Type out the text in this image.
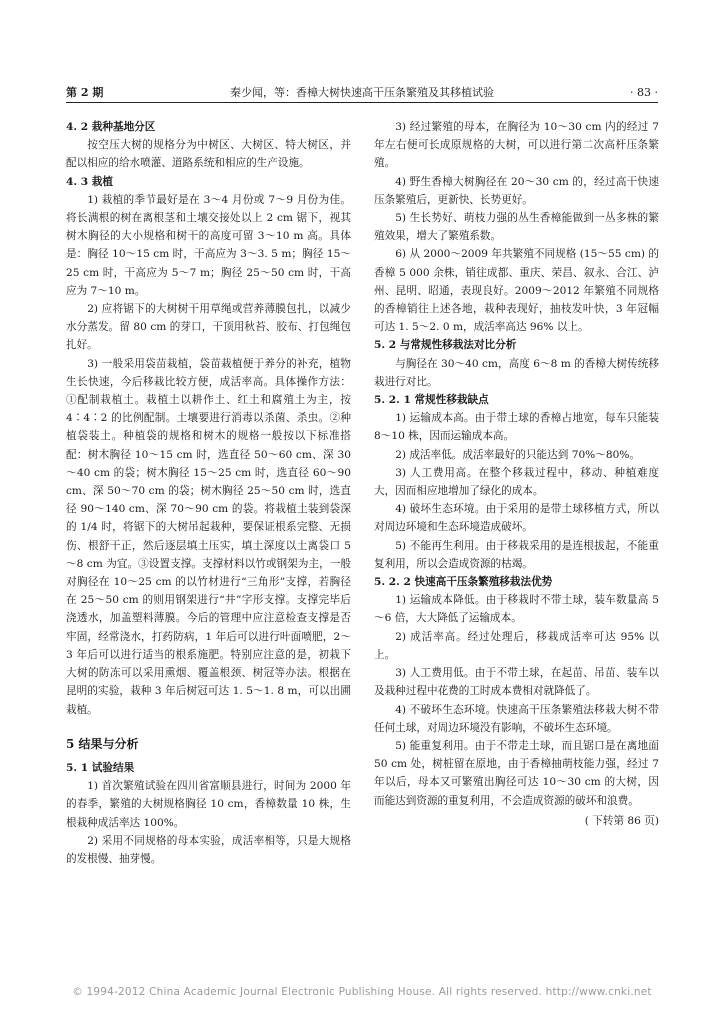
第 2 期	秦少闻，等：香樟大树快速高干压条繁殖及其移植试验	· 83 ·

4. 2 栽种基地分区

按空压大树的规格分为中树区、大树区、特大树区，并配以相应的给水喷灌、道路系统和相应的生产设施。

4. 3 栽植

1) 栽植的季节最好是在 3～4 月份或 7～9 月份为佳。将长满根的树在离根茎和土壤交接处以上 2 cm 锯下，视其树木胸径的大小规格和树干的高度可留 3～10 m 高。具体是：胸径 10～15 cm 时，干高应为 3～3. 5 m；胸径 15～25 cm 时，干高应为 5～7 m；胸径 25～50 cm 时，干高应为 7～10 m。

2) 应将锯下的大树树干用草绳或营养薄膜包扎，以减少水分蒸发。留 80 cm 的芽口，干顶用秋苔、胶布、打包绳包扎好。

3) 一般采用袋苗栽植，袋苗栽植便于养分的补充，植物生长快速，今后移栽比较方便，成活率高。具体操作方法：①配制栽植土。栽植土以耕作土、红土和腐殖土为主，按 4∶4∶2 的比例配制。土壤要进行消毒以杀菌、杀虫。②种植袋装土。种植袋的规格和树木的规格一般按以下标准搭配：树木胸径 10～15 cm 时，选直径 50～60 cm、深 30～40 cm 的袋；树木胸径 15～25 cm 时，选直径 60～90 cm、深 50～70 cm 的袋；树木胸径 25～50 cm 时，选直径 90～140 cm、深 70～90 cm 的袋。将栽植土装到袋深的 1/4 时，将锯下的大树吊起栽种，要保证根系完整、无损伤、根舒干正，然后逐层填土压实，填土深度以土离袋口 5～8 cm 为宜。③设置支撑。支撑材料以竹或钢架为主，一般对胸径在 10～25 cm 的以竹材进行“三角形”支撑，若胸径在 25～50 cm 的则用钢架进行“井”字形支撑。支撑完毕后浇透水，加盖塑料薄膜。今后的管理中应注意检查支撑是否牢固，经常浇水，打药防病，1 年后可以进行叶面喷肥，2～3 年后可以进行适当的根系施肥。特别应注意的是，初栽下大树的防冻可以采用熏烟、覆盖根颈、树冠等办法。根据在昆明的实验，栽种 3 年后树冠可达 1. 5～1. 8 m，可以出圃栽植。

5 结果与分析

5. 1 试验结果

1) 首次繁殖试验在四川省富顺县进行，时间为 2000 年的春季，繁殖的大树规格胸径 10 cm，香樟数量 10 株，生根栽种成活率达 100%。

2) 采用不同规格的母本实验，成活率相等，只是大规格的发根慢、抽芽慢。

3) 经过繁殖的母本，在胸径为 10～30 cm 内的经过 7 年左右便可长成原规格的大树，可以进行第二次高杆压条繁殖。

4) 野生香樟大树胸径在 20～30 cm 的，经过高干快速压条繁殖后，更新快、长势更好。

5) 生长势好、萌枝力强的丛生香樟能做到一丛多株的繁殖效果，增大了繁殖系数。

6) 从 2000～2009 年共繁殖不同规格 (15～55 cm) 的香樟 5 000 余株，销往成都、重庆、荣昌、叙永、合江、泸州、昆明、昭通，表现良好。2009～2012 年繁殖不同规格的香樟销往上述各地，栽种表现好，抽枝发叶快，3 年冠幅可达 1. 5～2. 0 m，成活率高达 96% 以上。

5. 2 与常规性移栽法对比分析

与胸径在 30～40 cm，高度 6～8 m 的香樟大树传统移栽进行对比。

5. 2. 1 常规性移栽缺点

1) 运输成本高。由于带土球的香樟占地宽，每车只能装 8～10 株，因而运输成本高。

2) 成活率低。成活率最好的只能达到 70%～80%。

3) 人工费用高。在整个移栽过程中，移动、种植难度大，因而相应地增加了绿化的成本。

4) 破坏生态环境。由于采用的是带土球移植方式，所以对周边环境和生态环境造成破坏。

5) 不能再生利用。由于移栽采用的是连根拔起，不能重复利用，所以会造成资源的枯竭。

5. 2. 2 快速高干压条繁殖移栽法优势

1) 运输成本降低。由于移栽时不带土球，装车数量高 5～6 倍，大大降低了运输成本。

2) 成活率高。经过处理后，移栽成活率可达 95% 以上。

3) 人工费用低。由于不带土球，在起苗、吊苗、装车以及栽种过程中花费的工时成本费相对就降低了。

4) 不破坏生态环境。快速高干压条繁殖法移栽大树不带任何土球，对周边环境没有影响，不破坏生态环境。

5) 能重复利用。由于不带走土球，而且锯口是在离地面 50 cm 处，树桩留在原地，由于香樟抽萌枝能力强，经过 7 年以后，母本又可繁殖出胸径可达 10～30 cm 的大树，因而能达到资源的重复利用，不会造成资源的破坏和浪费。

( 下转第 86 页)

© 1994-2012 China Academic Journal Electronic Publishing House. All rights reserved. http://www.cnki.net
